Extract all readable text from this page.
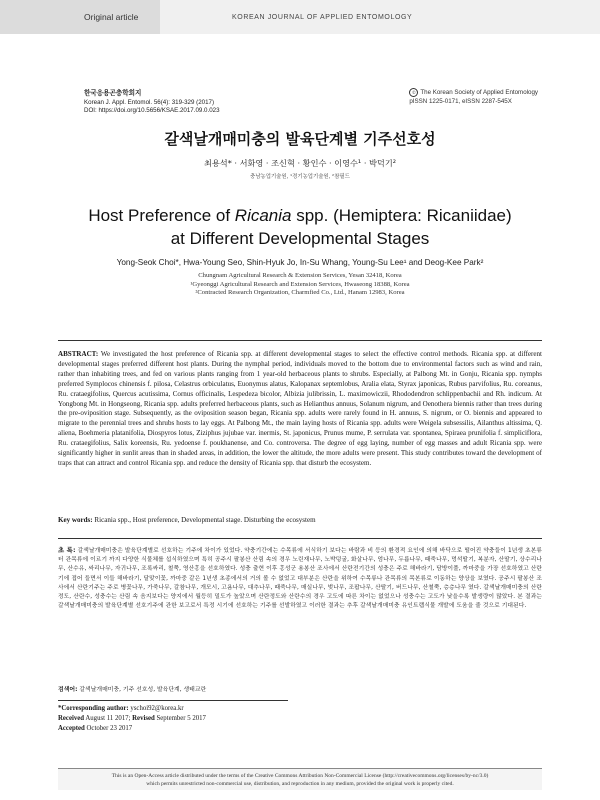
Original article	KOREAN JOURNAL OF APPLIED ENTOMOLOGY
한국응용곤충학회지
Korean J. Appl. Entomol. 56(4): 319-329 (2017)
DOI: https://doi.org/10.5656/KSAE.2017.09.0.023
© The Korean Society of Applied Entomology
pISSN 1225-0171, eISSN 2287-545X
갈색날개매미충의 발육단계별 기주선호성
최용석* · 서화영 · 조신혁 · 황인수 · 이영수¹ · 박덕기²
충남농업기술원, ¹경기농업기술원, ²참필드
Host Preference of Ricania spp. (Hemiptera: Ricaniidae)
at Different Developmental Stages
Yong-Seok Choi*, Hwa-Young Seo, Shin-Hyuk Jo, In-Su Whang, Young-Su Lee¹ and Deog-Kee Park²
Chungnam Agricultural Research & Extension Services, Yesan 32418, Korea
¹Gyeonggi Agricultural Research and Extension Services, Hwaseong 18388, Korea
²Contracted Research Organization, Charmfied Co., Ltd., Hanam 12983, Korea
ABSTRACT: We investigated the host preference of Ricania spp. at different developmental stages to select the effective control methods. Ricania spp. at different developmental stages preferred different host plants. During the nymphal period, individuals moved to the bottom due to environmental factors such as wind and rain, rather than inhabiting trees, and fed on various plants ranging from 1 year-old herbaceous plants to shrubs. Especially, at Palbong Mt. in Gonju, Ricania spp. nymphs preferred Symplocos chinensis f. pilosa, Celastrus orbiculatus, Euonymus alatus, Kalopanax septemlobus, Aralia elata, Styrax japonicas, Rubus parvifolius, Ru. coreanus, Ru. crataegifolius, Quercus acutissima, Cornus officinalis, Lespedeza bicolor, Albizia julibrissin, L. maximowiczii, Rhododendron schlippenbachii and Rh. indicum. At Yongbong Mt. in Hongseong, Ricania spp. adults preferred herbaceous plants, such as Helianthus annuus, Solanum nigrum, and Oenothera biennis rather than trees during the pre-oviposition stage. Subsequently, as the oviposition season began, Ricania spp. adults were rarely found in H. annuus, S. nigrum, or O. biennis and appeared to migrate to the perennial trees and shrubs hosts to lay eggs. At Palbong Mt., the main laying hosts of Ricania spp. adults were Weigela subsessilis, Ailanthus altissima, Q. aliena, Boehmeria platanifolia, Diospyros lotus, Ziziphus jujubae var. inermis, St. japonicus, Prunus mume, P. serrulata var. spontanea, Spiraea prunifolia f. simpliciflora, Ru. crataegifolius, Salix koreensis, Ru. yedoense f. poukhanense, and Co. controversa. The degree of egg laying, number of egg masses and adult Ricania spp. were significantly higher in sunlit areas than in shaded areas, in addition, the lower the altitude, the more adults were present. This study contributes toward the development of traps that can attract and control Ricania spp. and reduce the density of Ricania spp. that disturb the ecosystem.
Key words: Ricania spp., Host preference, Developmental stage. Disturbing the ecosystem
초 록: 갈색날개매미충은 발육단계별로 선호하는 기주에 차이가 있었다. 약충기간에는 수목류에 서식하기 보다는 바람과 비 등의 환경적 요인에 의해 바닥으로 떨어진 약충들이 1년생 초본류터 관목류에 이르기 까지 다양한 식물체를 섭식하였으며 특히 공주시 팔봉산 산림 속의 경우 노린재나무, 노박덩굴, 화살나무, 엄나무, 두릅나무, 때죽나무, 멍석딸기, 복분자, 산딸기, 상수리나무, 산수유, 싸리나무, 자귀나무, 조록싸리, 철쭉, 영산홍을 선호하였다. 성충 출현 이후 홍성군 용봉산 조사에서 산란전기간의 성충은 주로 해바라기, 담방이풀, 까마중을 가장 선호하였고 산란기에 접어 들면서 이들 해바라기, 달맞이꽃, 까마중 같은 1년생 초종에서의 거의 볼 수 없었고 대부분은 산란을 위하여 수목류나 관목류의 목본류로 이동하는 양상을 보였다. 공주시 팔봉산 조사에서 산란기주는 주로 병꽃나무, 가죽나무, 갈참나무, 개모시, 고욤나무, 대추나무, 때죽나무, 매실나무, 벚나무, 조팝나무, 산딸기, 버드나무, 산철쭉, 층층나무 였다. 갈색날개매미충의 산란정도, 산란수, 성충수는 산림 속 음지보다는 양지에서 월등히 밀도가 높았으며 산란정도와 산란수의 경우 고도에 따른 차이는 없었으나 성충수는 고도가 낮을수록 발생량이 많았다. 본 결과는 갈색날개매미충의 발육단계별 선호기주에 관한 보고로서 특정 시기에 선호하는 기주를 선발하였고 이러한 결과는 추후 갈색날개매미충 유인트랩식물 개발에 도움을 줄 것으로 기대된다.
검색어: 갈색날개매미충, 기주 선호성, 발육단계, 생태교란
*Corresponding author: yschoi92@korea.kr
Received August 11 2017; Revised September 5 2017
Accepted October 23 2017
This is an Open-Access article distributed under the terms of the Creative Commons Attribution Non-Commercial License (http://creativecommons.org/licenses/by-nc/3.0)
which permits unrestricted non-commercial use, distribution, and reproduction in any medium, provided the original work is properly cited.
